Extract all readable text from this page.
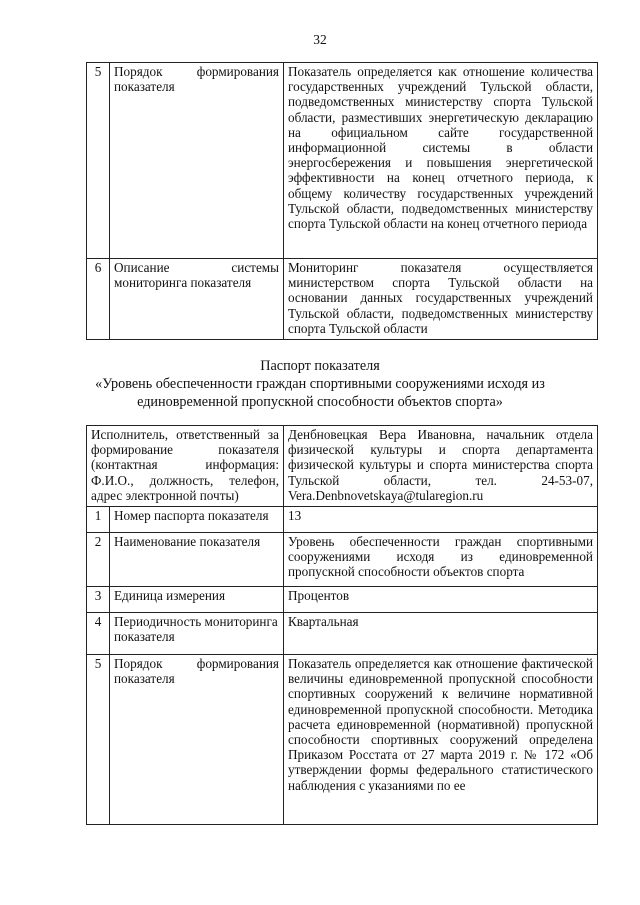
32
5	Порядок формирования показателя	Показатель определяется как отношение количества государственных учреждений Тульской области, подведомственных министерству спорта Тульской области, разместивших энергетическую декларацию на официальном сайте государственной информационной системы в области энергосбережения и повышения энергетической эффективности на конец отчетного периода, к общему количеству государственных учреждений Тульской области, подведомственных министерству спорта Тульской области на конец отчетного периода
6	Описание системы мониторинга показателя	Мониторинг показателя осуществляется министерством спорта Тульской области на основании данных государственных учреждений Тульской области, подведомственных министерству спорта Тульской области
Паспорт показателя
«Уровень обеспеченности граждан спортивными сооружениями исходя из
единовременной пропускной способности объектов спорта»
Исполнитель, ответственный за формирование показателя (контактная информация: Ф.И.О., должность, телефон, адрес электронной почты)		Денбновецкая Вера Ивановна, начальник отдела физической культуры и спорта департамента физической культуры и спорта министерства спорта Тульской области, тел. 24-53-07, Vera.Denbnovetskaya@tularegion.ru
1	Номер паспорта показателя	13
2	Наименование показателя	Уровень обеспеченности граждан спортивными сооружениями исходя из единовременной пропускной способности объектов спорта
3	Единица измерения	Процентов
4	Периодичность мониторинга показателя	Квартальная
5	Порядок формирования показателя	Показатель определяется как отношение фактической величины единовременной пропускной способности спортивных сооружений к величине нормативной единовременной пропускной способности. Методика расчета единовременной (нормативной) пропускной способности спортивных сооружений определена Приказом Росстата от 27 марта 2019 г. № 172 «Об утверждении формы федерального статистического наблюдения с указаниями по ее
